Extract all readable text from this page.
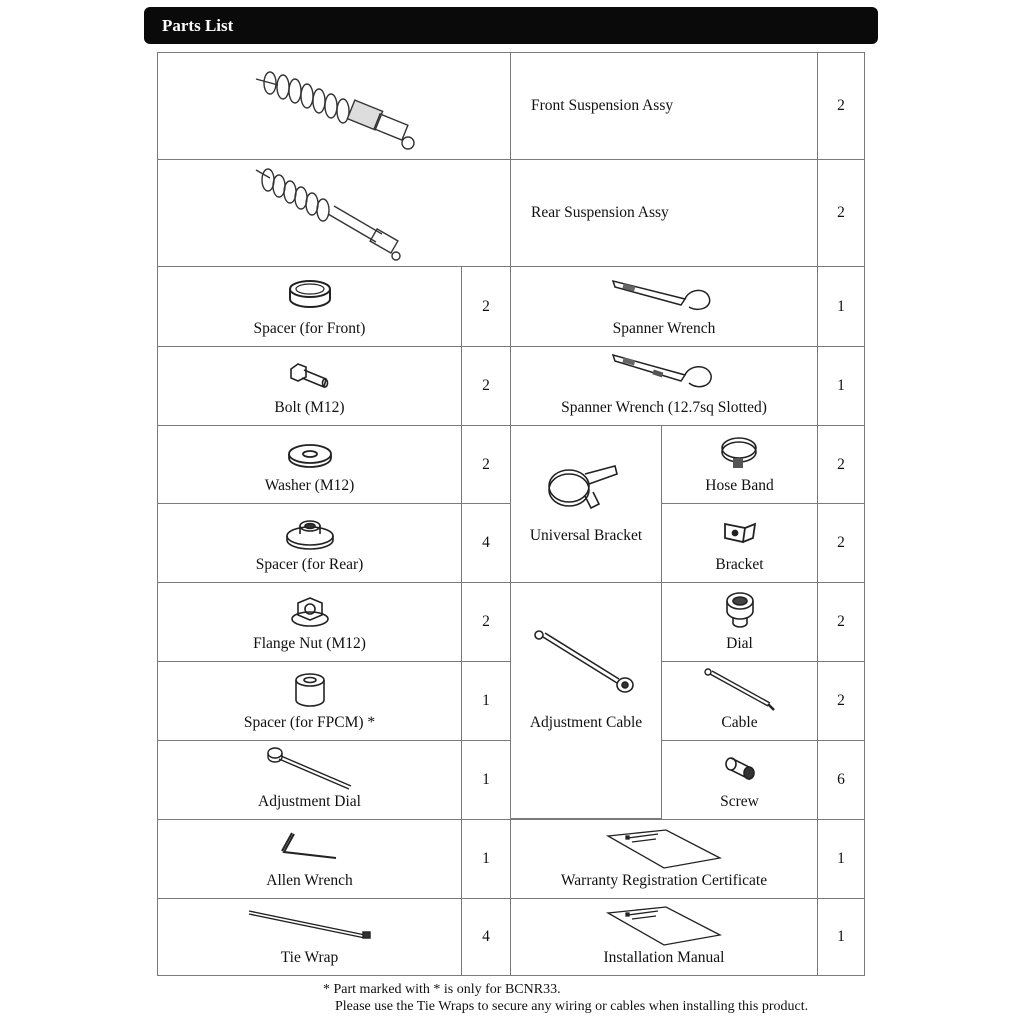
Parts List
Front Suspension Assy	2
Rear Suspension Assy	2
Spacer (for Front)
2
Spanner Wrench
1
Bolt (M12)
2
Spanner Wrench (12.7sq Slotted)
1
Washer (M12)
2
Universal Bracket
Hose Band
2
Spacer (for Rear)
4
Bracket
2
Flange Nut (M12)
2
Adjustment Cable
Dial
2
Spacer (for FPCM) *
1
Cable
2
Adjustment Dial
1
Screw
6
Allen Wrench
1
Warranty Registration Certificate
1
Tie Wrap
4
Installation Manual
1
* Part marked with * is only for BCNR33.
Please use the Tie Wraps to secure any wiring or cables when installing this product.
